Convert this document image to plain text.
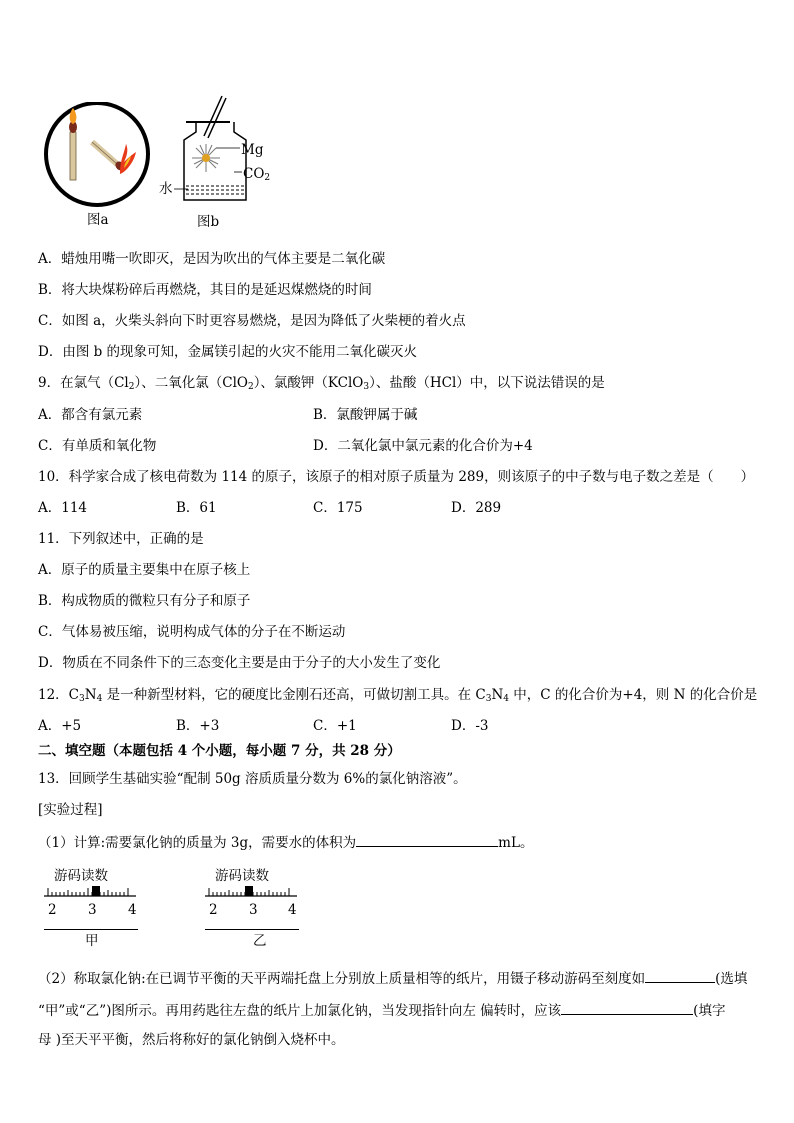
图a
Mg
$CO_2$
水
图b
A．蜡烛用嘴一吹即灭，是因为吹出的气体主要是二氧化碳
B．将大块煤粉碎后再燃烧，其目的是延迟煤燃烧的时间
C．如图 a，火柴头斜向下时更容易燃烧，是因为降低了火柴梗的着火点
D．由图 b 的现象可知，金属镁引起的火灾不能用二氧化碳灭火
9．在氯气$(Cl_2)$、二氧化氯（ClO$_2$）、氯酸钾（KClO$_3$）、盐酸（HCl）中，以下说法错误的是
A．都含有氯元素	B．氯酸钾属于碱
C．有单质和氧化物	D．二氧化氯中氯元素的化合价为+4
10．科学家合成了核电荷数为 114 的原子，该原子的相对原子质量为 289，则该原子的中子数与电子数之差是（　　）
A．114	B．61	C．175	D．289
11．下列叙述中，正确的是
A．原子的质量主要集中在原子核上
B．构成物质的微粒只有分子和原子
C．气体易被压缩，说明构成气体的分子在不断运动
D．物质在不同条件下的三态变化主要是由于分子的大小发生了变化
12．$C_3N_4$ 是一种新型材料，它的硬度比金刚石还高，可做切割工具。在 $C_3N_4$ 中，C 的化合价为+4，则 N 的化合价是
A．+5	B．+3	C．+1	D．-3
二、填空题（本题包括 4 个小题，每小题 7 分，共 28 分）
13．回顾学生基础实验“配制 50g 溶质质量分数为 6%的氯化钠溶液”。
[实验过程]
（1）计算:需要氯化钠的质量为 3g，需要水的体积为	mL。
游码读数
2 3 4
甲
游码读数
2 3 4
乙
（2）称取氯化钠:在已调节平衡的天平两端托盘上分别放上质量相等的纸片，用镊子移动游码至刻度如	(选填
“甲”或“乙”)图所示。再用药匙往左盘的纸片上加氯化钠，当发现指针向左 偏转时，应该	(填字
母 )至天平平衡，然后将称好的氯化钠倒入烧杯中。
